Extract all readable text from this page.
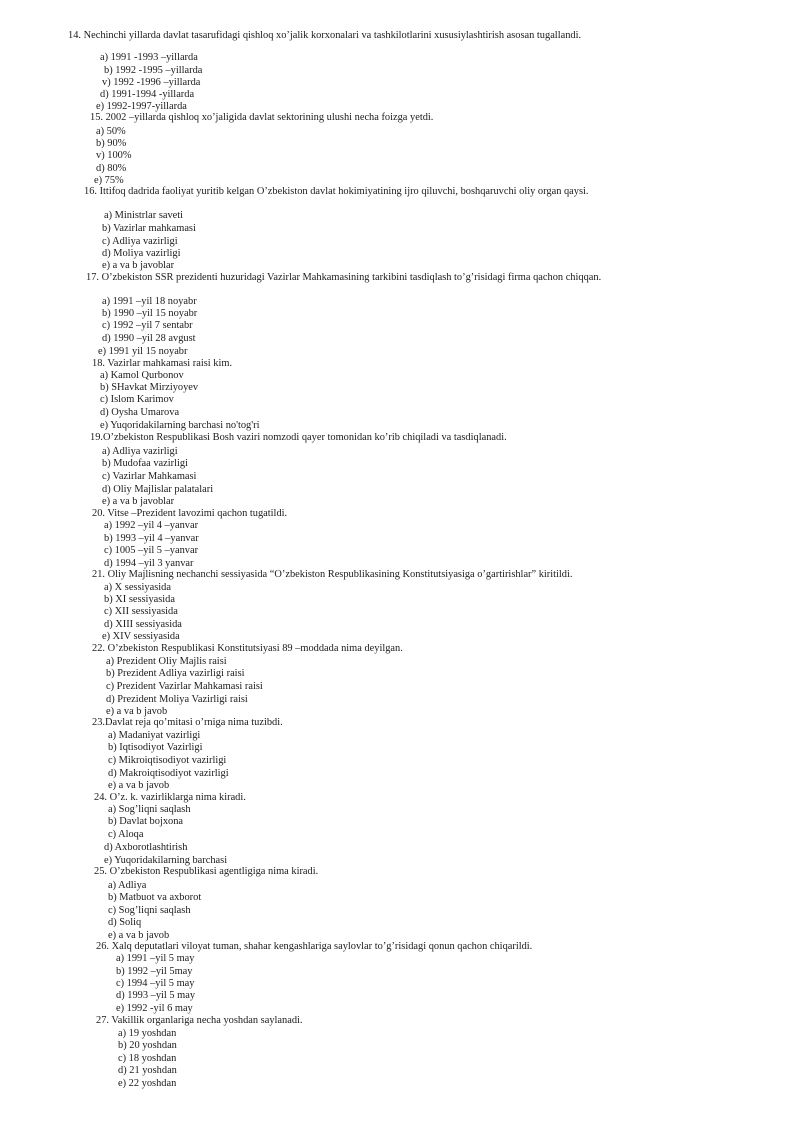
14. Nechinchi yillarda davlat tasarufidagi qishloq xo’jalik korxonalari va tashkilotlarini xususiylashtirish asosan tugallandi.

a) 1991 -1993 –yillarda
b) 1992 -1995 –yillarda
v) 1992 -1996 –yillarda
d) 1991-1994 -yillarda
e) 1992-1997-yillarda

15. 2002 –yillarda qishloq xo’jaligida davlat sektorining ulushi necha foizga yetdi.

a) 50%
b) 90%
v) 100%
d) 80%
e) 75%

16. Ittifoq dadrida faoliyat yuritib kelgan O’zbekiston davlat hokimiyatining ijro qiluvchi, boshqaruvchi oliy organ qaysi.

a) Ministrlar saveti
b) Vazirlar mahkamasi
c) Adliya vazirligi
d) Moliya vazirligi
e) a va b javoblar

17. O’zbekiston SSR prezidenti huzuridagi Vazirlar Mahkamasining tarkibini tasdiqlash to’g’risidagi firma qachon chiqqan.

a) 1991 –yil 18 noyabr
b) 1990 –yil 15 noyabr
c) 1992 –yil 7 sentabr
d) 1990 –yil 28 avgust
e) 1991 yil 15 noyabr

18. Vazirlar mahkamasi raisi kim.

a) Kamol Qurbonov
b) SHavkat Mirziyoyev
c) Islom Karimov
d) Oysha Umarova
e) Yuqoridakilarning barchasi no'tog'ri

19.O’zbekiston Respublikasi Bosh vaziri nomzodi qayer tomonidan ko’rib chiqiladi va tasdiqlanadi.

a) Adliya vazirligi
b) Mudofaa vazirligi
c) Vazirlar Mahkamasi
d) Oliy Majlislar palatalari
e) a va b javoblar

20. Vitse –Prezident lavozimi qachon tugatildi.

a) 1992 –yil 4 –yanvar
b) 1993 –yil 4 –yanvar
c) 1005 –yil 5 –yanvar
d) 1994 –yil 3 yanvar

21. Oliy Majlisning nechanchi sessiyasida “O’zbekiston Respublikasining Konstitutsiyasiga o’gartirishlar” kiritildi.

a) X sessiyasida
b) XI sessiyasida
c) XII sessiyasida
d) XIII sessiyasida
e) XIV sessiyasida

22. O’zbekiston Respublikasi Konstitutsiyasi 89 –moddada nima deyilgan.

a) Prezident Oliy Majlis raisi
b) Prezident Adliya vazirligi raisi
c) Prezident Vazirlar Mahkamasi raisi
d) Prezident Moliya Vazirligi raisi
e) a va b javob

23.Davlat reja qo’mitasi o’rniga nima tuzibdi.

a) Madaniyat vazirligi
b) Iqtisodiyot Vazirligi
c) Mikroiqtisodiyot vazirligi
d) Makroiqtisodiyot vazirligi
e) a va b javob

24. O’z. k. vazirliklarga nima kiradi.

a) Sog’liqni saqlash
b) Davlat bojxona
c) Aloqa
d) Axborotlashtirish
e) Yuqoridakilarning barchasi

25. O’zbekiston Respublikasi agentligiga nima kiradi.

a) Adliya
b) Matbuot va axborot
c) Sog’liqni saqlash
d) Soliq
e) a va b javob

26. Xalq deputatlari viloyat tuman, shahar kengashlariga saylovlar to’g’risidagi qonun qachon chiqarildi.

a) 1991 –yil 5 may
b) 1992 –yil 5may
c) 1994 –yil 5 may
d) 1993 –yil 5 may
e) 1992 -yil 6 may

27. Vakillik organlariga necha yoshdan saylanadi.

a) 19 yoshdan
b) 20 yoshdan
c) 18 yoshdan
d) 21 yoshdan
e) 22 yoshdan
